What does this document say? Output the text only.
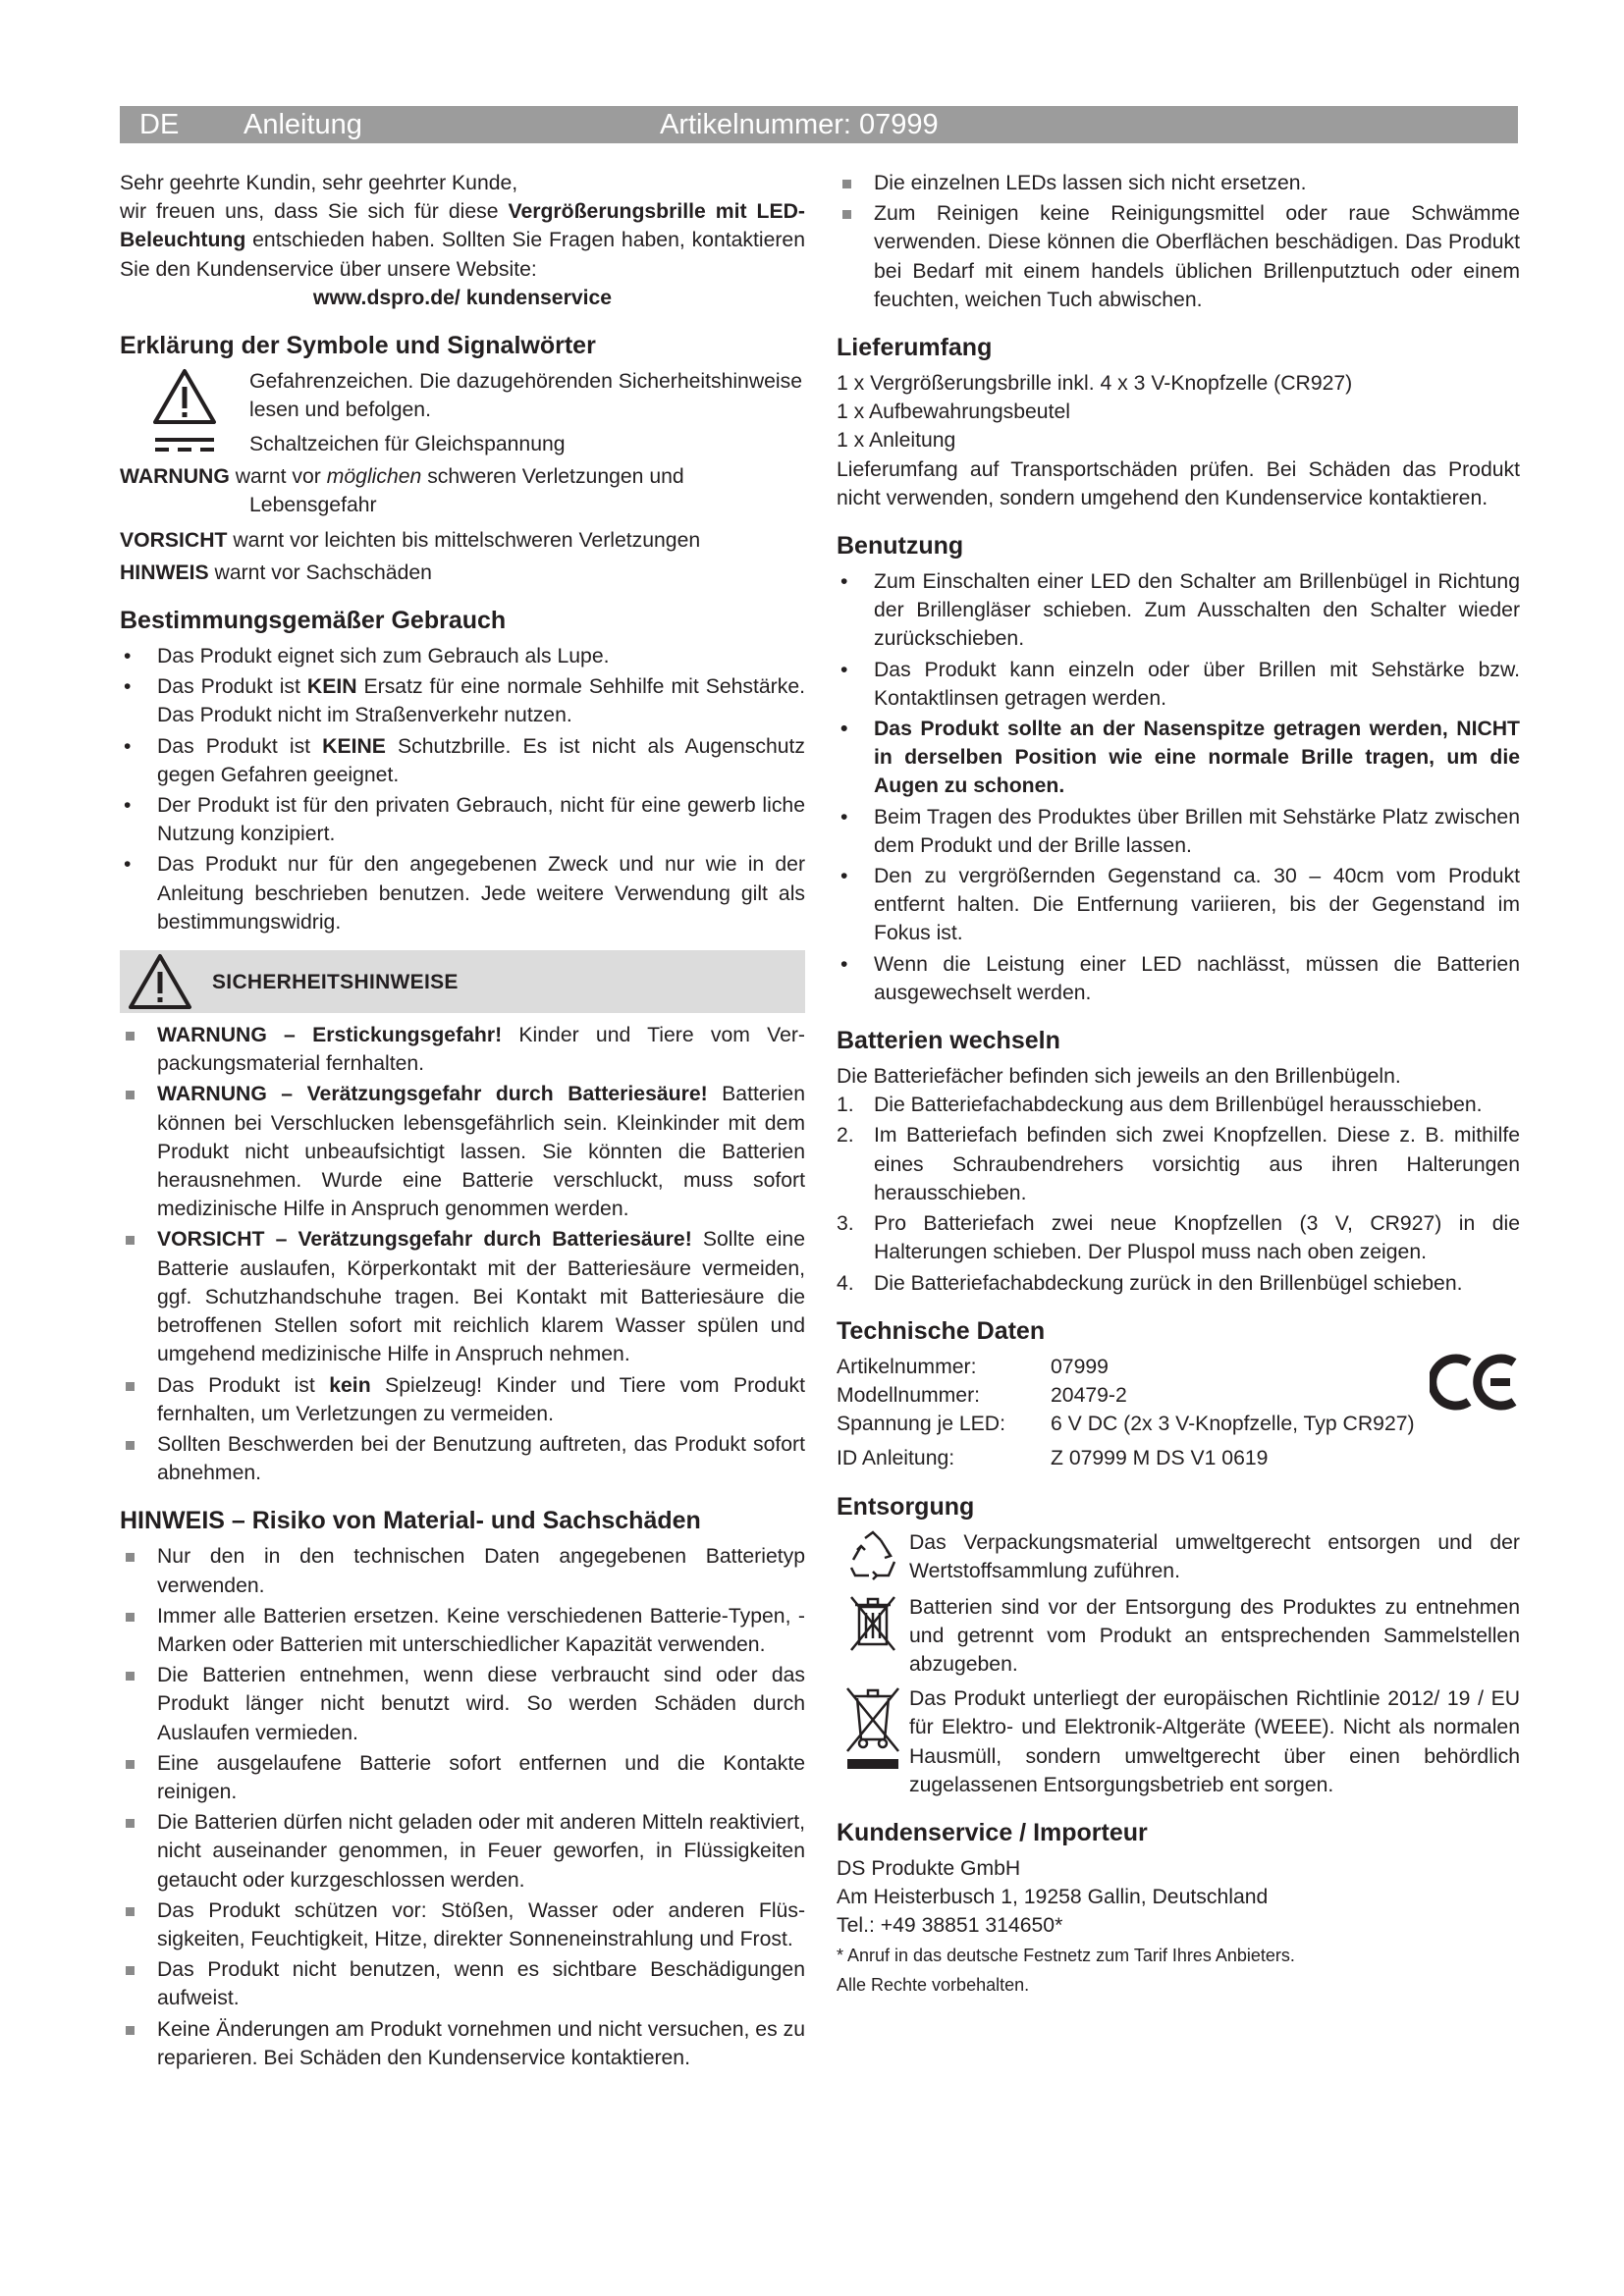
DE Anleitung	Artikelnummer: 07999

Sehr geehrte Kundin, sehr geehrter Kunde,

wir freuen uns, dass Sie sich für diese Vergrößerungsbrille mit LED-Beleuchtung entschieden haben. Sollten Sie Fragen haben, kontaktieren Sie den Kundenservice über unsere Website:

www.dspro.de/ kundenservice

Erklärung der Symbole und Signalwörter
Gefahrenzeichen. Die dazugehörenden Sicherheitshinweise lesen und befolgen.
Schaltzeichen für Gleichspannung

WARNUNG warnt vor möglichen schweren Verletzungen und Lebensgefahr

VORSICHT warnt vor leichten bis mittelschweren Verletzungen

HINWEIS warnt vor Sachschäden

Bestimmungsgemäßer Gebrauch
• Das Produkt eignet sich zum Gebrauch als Lupe.
• Das Produkt ist KEIN Ersatz für eine normale Sehhilfe mit Sehstärke. Das Produkt nicht im Straßenverkehr nutzen.
• Das Produkt ist KEINE Schutzbrille. Es ist nicht als Augenschutz gegen Gefahren geeignet.
• Der Produkt ist für den privaten Gebrauch, nicht für eine gewerb liche Nutzung konzipiert.
• Das Produkt nur für den angegebenen Zweck und nur wie in der Anleitung beschrieben benutzen. Jede weitere Verwendung gilt als bestimmungswidrig.
SICHERHEITSHINWEISE
WARNUNG – Erstickungsgefahr! Kinder und Tiere vom Verpackungsmaterial fernhalten.
WARNUNG – Verätzungsgefahr durch Batteriesäure! Batterien können bei Verschlucken lebensgefährlich sein. Kleinkinder mit dem Produkt nicht unbeaufsichtigt lassen. Sie könnten die Batterien herausnehmen. Wurde eine Batterie verschluckt, muss sofort medizinische Hilfe in Anspruch genommen werden.
VORSICHT – Verätzungsgefahr durch Batteriesäure! Sollte eine Batterie auslaufen, Körperkontakt mit der Batteriesäure vermeiden, ggf. Schutzhandschuhe tragen. Bei Kontakt mit Batteriesäure die betroffenen Stellen sofort mit reichlich klarem Wasser spülen und umgehend medizinische Hilfe in Anspruch nehmen.
Das Produkt ist kein Spielzeug! Kinder und Tiere vom Produkt fernhalten, um Verletzungen zu vermeiden.
Sollten Beschwerden bei der Benutzung auftreten, das Produkt sofort abnehmen.
HINWEIS – Risiko von Material- und Sachschäden
Nur den in den technischen Daten angegebenen Batterietyp verwenden.
Immer alle Batterien ersetzen. Keine verschiedenen Batterie-Typen, -Marken oder Batterien mit unterschiedlicher Kapazität verwenden.
Die Batterien entnehmen, wenn diese verbraucht sind oder das Produkt länger nicht benutzt wird. So werden Schäden durch Auslaufen vermieden.
Eine ausgelaufene Batterie sofort entfernen und die Kontakte reinigen.
Die Batterien dürfen nicht geladen oder mit anderen Mitteln reaktiviert, nicht auseinander genommen, in Feuer geworfen, in Flüssigkeiten getaucht oder kurzgeschlossen werden.
Das Produkt schützen vor: Stößen, Wasser oder anderen Flüssigkeiten, Feuchtigkeit, Hitze, direkter Sonneneinstrahlung und Frost.
Das Produkt nicht benutzen, wenn es sichtbare Beschädigungen aufweist.
Keine Änderungen am Produkt vornehmen und nicht versuchen, es zu reparieren. Bei Schäden den Kundenservice kontaktieren.
Die einzelnen LEDs lassen sich nicht ersetzen.
Zum Reinigen keine Reinigungsmittel oder raue Schwämme verwenden. Diese können die Oberflächen beschädigen. Das Produkt bei Bedarf mit einem handels üblichen Brillenputztuch oder einem feuchten, weichen Tuch abwischen.
Lieferumfang

1 x Vergrößerungsbrille inkl. 4 x 3 V-Knopfzelle (CR927)

1 x Aufbewahrungsbeutel

1 x Anleitung

Lieferumfang auf Transportschäden prüfen. Bei Schäden das Produkt nicht verwenden, sondern umgehend den Kundenservice kontaktieren.

Benutzung
• Zum Einschalten einer LED den Schalter am Brillenbügel in Richtung der Brillengläser schieben. Zum Ausschalten den Schalter wieder zurückschieben.
• Das Produkt kann einzeln oder über Brillen mit Sehstärke bzw. Kontaktlinsen getragen werden.
• Das Produkt sollte an der Nasenspitze getragen werden, NICHT in derselben Position wie eine normale Brille tragen, um die Augen zu schonen.
• Beim Tragen des Produktes über Brillen mit Sehstärke Platz zwischen dem Produkt und der Brille lassen.
• Den zu vergrößernden Gegenstand ca. 30 – 40cm vom Produkt entfernt halten. Die Entfernung variieren, bis der Gegenstand im Fokus ist.
• Wenn die Leistung einer LED nachlässt, müssen die Batterien ausgewechselt werden.
Batterien wechseln

Die Batteriefächer befinden sich jeweils an den Brillenbügeln.

1. Die Batteriefachabdeckung aus dem Brillenbügel herausschieben.
2. Im Batteriefach befinden sich zwei Knopfzellen. Diese z. B. mithilfe eines Schraubendrehers vorsichtig aus ihren Halterungen herausschieben.
3. Pro Batteriefach zwei neue Knopfzellen (3 V, CR927) in die Halterungen schieben. Der Pluspol muss nach oben zeigen.
4. Die Batteriefachabdeckung zurück in den Brillenbügel schieben.
Technische Daten
Artikelnummer:	07999
Modellnummer:	20479-2
Spannung je LED:	6 V DC (2x 3 V-Knopfzelle, Typ CR927)
ID Anleitung:	Z 07999 M DS V1 0619
Entsorgung
Das Verpackungsmaterial umweltgerecht entsorgen und der Wertstoffsammlung zuführen.
Batterien sind vor der Entsorgung des Produktes zu entnehmen und getrennt vom Produkt an entsprechenden Sammelstellen abzugeben.
Das Produkt unterliegt der europäischen Richtlinie 2012/ 19 / EU für Elektro- und Elektronik-Altgeräte (WEEE). Nicht als normalen Hausmüll, sondern umweltgerecht über einen behördlich zugelassenen Entsorgungsbetrieb ent sorgen.
Kundenservice / Importeur

DS Produkte GmbH

Am Heisterbusch 1, 19258 Gallin, Deutschland

Tel.: +49 38851 314650*

* Anruf in das deutsche Festnetz zum Tarif Ihres Anbieters.

Alle Rechte vorbehalten.
